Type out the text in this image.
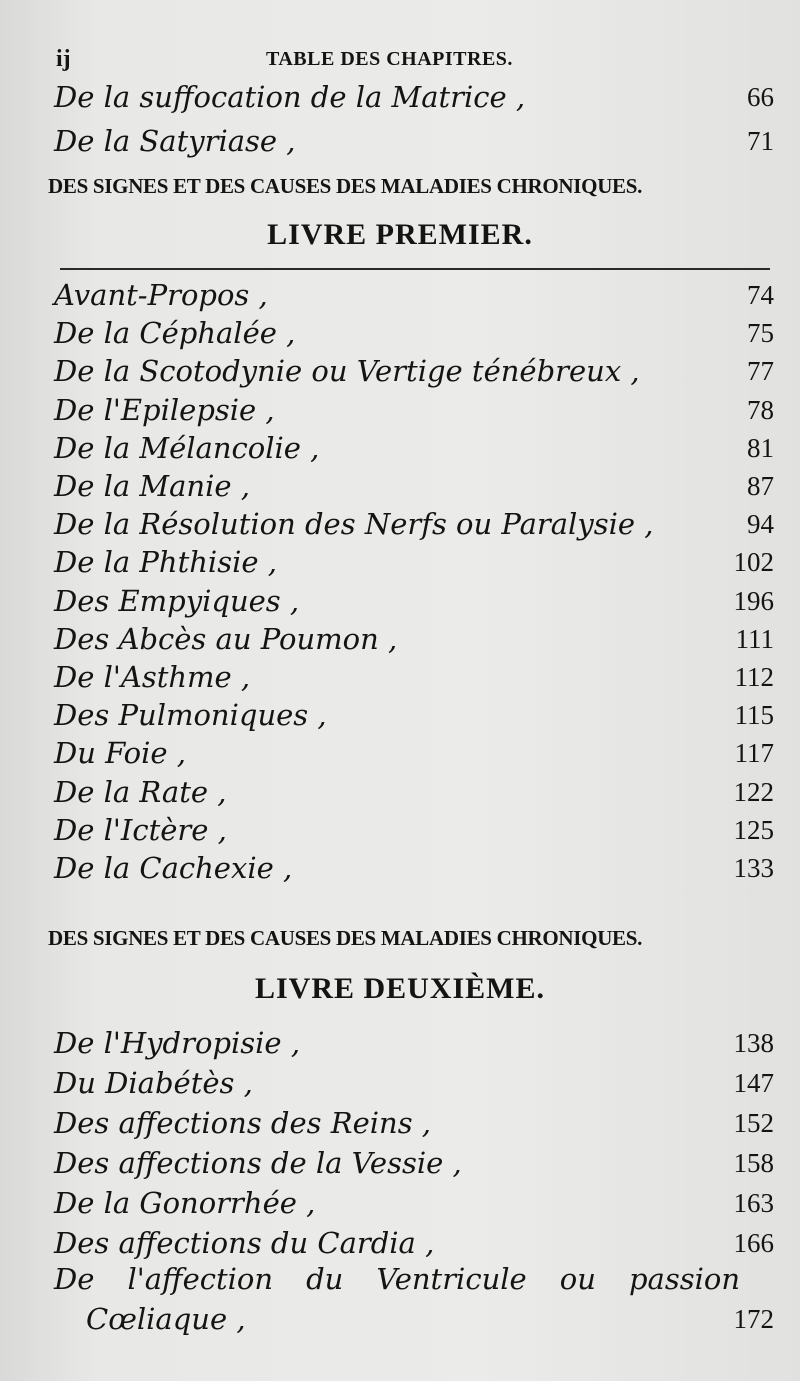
ij	TABLE DES CHAPITRES.
De la suffocation de la Matrice ,	66
De la Satyriase ,	71
DES SIGNES ET DES CAUSES DES MALADIES CHRONIQUES.
LIVRE PREMIER.
Avant-Propos ,	74
De la Céphalée ,	75
De la Scotodynie ou Vertige ténébreux ,	77
De l'Epilepsie ,	78
De la Mélancolie ,	81
De la Manie ,	87
De la Résolution des Nerfs ou Paralysie ,	94
De la Phthisie ,	102
Des Empyiques ,	196
Des Abcès au Poumon ,	111
De l'Asthme ,	112
Des Pulmoniques ,	115
Du Foie ,	117
De la Rate ,	122
De l'Ictère ,	125
De la Cachexie ,	133
DES SIGNES ET DES CAUSES DES MALADIES CHRONIQUES.
LIVRE DEUXIÈME.
De l'Hydropisie ,	138
Du Diabétès ,	147
Des affections des Reins ,	152
Des affections de la Vessie ,	158
De la Gonorrhée ,	163
Des affections du Cardia ,	166
De l'affection du Ventricule ou passion
Cœliaque ,	172
